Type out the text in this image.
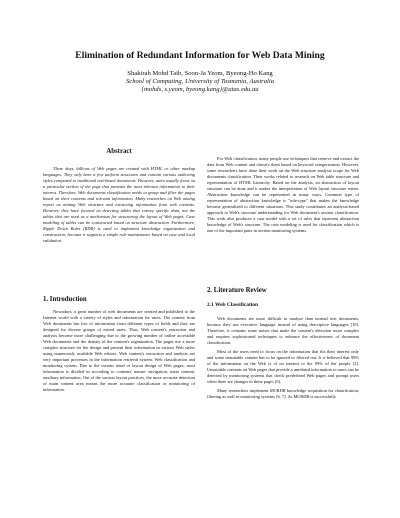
Elimination of Redundant Information for Web Data Mining
Shakirah Mohd Taib, Soon-Ja Yeom, Byeong-Ho Kang
School of Computing, University of Tasmania, Australia
{mohds, s.yeom, byeong.kang}@utas.edu.au
Abstract
These days, billions of Web pages are created with HTML or other markup languages. They only have a few uniform structures and contain various authoring styles compared to traditional text-based documents. However, users usually focus on a particular section of the page that presents the most relevant information to their interest. Therefore, Web documents classification needs to group and filter the pages based on their contents and relevant information. Many researches on Web mining report on mining Web structure and extracting information from web contents. However, they have focused on detecting tables that convey specific data, not the tables that are used as a mechanism for structuring the layout of Web pages. Case modeling of tables can be constructed based on structure abstraction. Furthermore, Ripple Down Rules (RDR) is used to implement knowledge organization and construction, because it supports a simple rule maintenance based on case and local validation.
1. Introduction

Nowadays, a great number of web documents are created and published to the Internet world with a variety of styles and information for users. The content from Web documents has lots of information from different types of fields and they are designed for diverse groups of mixed users. Thus, Web content's extraction and analysis become more challenging due to the growing number of online accessible Web documents and the density of the content's organization. The pages use a more complex structure for the design and present their information in various Web styles using numerously available Web editors. Web content's extraction and analysis are very important processes in the information retrieval system, Web classification and monitoring system. Due to the current trend of layout design of Web pages, most information is divided in according to contents' nature: navigation, main content, auxiliary information. Out of the various layout practices, the more accurate detection of main content area means the more accurate classification or monitoring of information.

For Web classification, many people use techniques that retrieve and extract the data from Web content and classify them based on keyword categorization. However, some researchers have done their work on the Web structure analysis scope for Web documents classification. Their works related to research on Web table structure and representation of HTML hierarchy. Based on the analysis, an abstraction of layout structure can be done and it makes the interpretation of Web layout structure easier. Abstraction knowledge can be represented in many ways. Common type of representation of abstraction knowledge is "rule-type" that makes the knowledge become generalized to different situations. This study contributes an analysis-based approach to Web's structure understanding for Web document's section classification. This work also produces a case model with a set of rules that represent abstraction knowledge of Web's structure. The case modeling is used for classification which is one of the important parts in section monitoring systems.
2. Literature Review
2.1 Web Classification

Web documents are more difficult to analyze than normal text documents, because they use evocative language instead of using descriptive languages [10]. Therefore, it contains some noises that make the content's detection more complex and requires sophisticated techniques to enhance the effectiveness of document classification.

Most of the users need to focus on the information that fits their interest only and some unsuitable content has to be ignored or filtered out. It is believed that 99% of the information on the Web is of no interest to the 99% of the people [2]. Unsuitable contents on Web pages that provide a unrelated information to users can be detected by monitoring systems that check predefined Web pages and prompt users when there are changes in these pages [6].

Many researchers implement MCRDR knowledge acquisition for classification, filtering as well as monitoring systems [6, 7]. As MCRDR is successfully
